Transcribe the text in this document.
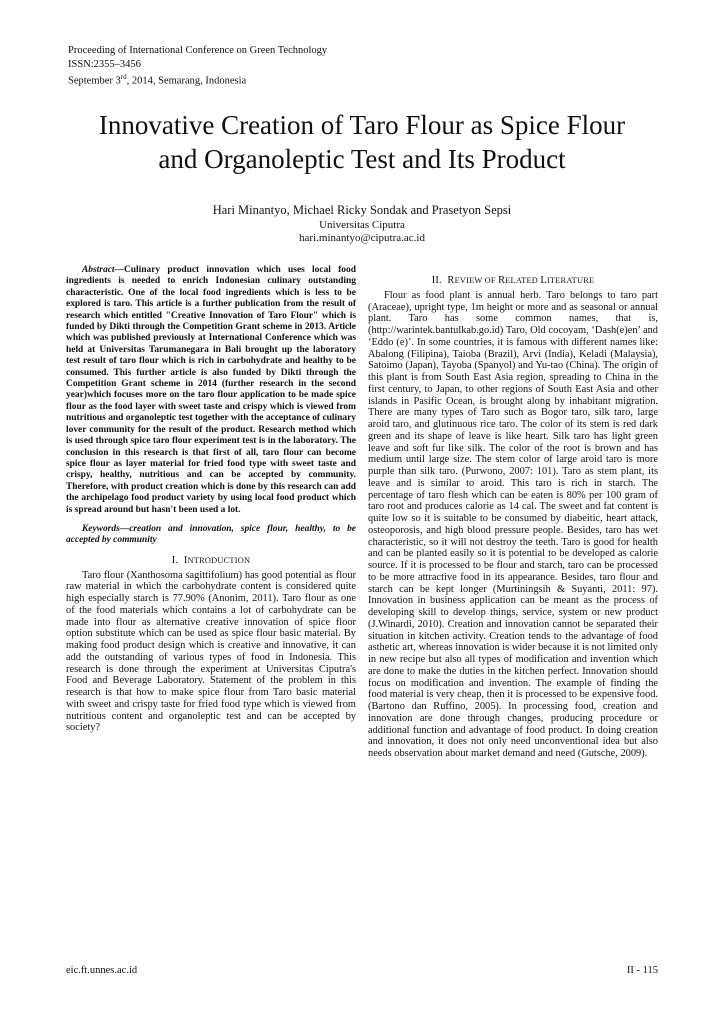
Proceeding of International Conference on Green Technology
ISSN:2355–3456
September 3rd, 2014, Semarang, Indonesia
Innovative Creation of Taro Flour as Spice Flour
and Organoleptic Test and Its Product
Hari Minantyo, Michael Ricky Sondak and Prasetyon Sepsi
Universitas Ciputra
hari.minantyo@ciputra.ac.id

Abstract—Culinary product innovation which uses local food ingredients is needed to enrich Indonesian culinary outstanding characteristic. One of the local food ingredients which is less to be explored is taro. This article is a further publication from the result of research which entitled "Creative Innovation of Taro Flour" which is funded by Dikti through the Competition Grant scheme in 2013. Article which was published previously at International Conference which was held at Universitas Tarumanegara in Bali brought up the laboratory test result of taro flour which is rich in carbohydrate and healthy to be consumed. This further article is also funded by Dikti through the Competition Grant scheme in 2014 (further research in the second year)which focuses more on the taro flour application to be made spice flour as the food layer with sweet taste and crispy which is viewed from nutritious and organoleptic test together with the acceptance of culinary lover community for the result of the product. Research method which is used through spice taro flour experiment test is in the laboratory. The conclusion in this research is that first of all, taro flour can become spice flour as layer material for fried food type with sweet taste and crispy, healthy, nutritious and can be accepted by community. Therefore, with product creation which is done by this research can add the archipelago food product variety by using local food product which is spread around but hasn't been used a lot.

Keywords—creation and innovation, spice flour, healthy, to be accepted by community

I. INTRODUCTION

Taro flour (Xanthosoma sagittifolium) has good potential as flour raw material in which the carbohydrate content is considered quite high especially starch is 77.90% (Anonim, 2011). Taro flour as one of the food materials which contains a lot of carbohydrate can be made into flour as alternative creative innovation of spice floor option substitute which can be used as spice flour basic material. By making food product design which is creative and innovative, it can add the outstanding of various types of food in Indonesia. This research is done through the experiment at Universitas Ciputra's Food and Beverage Laboratory. Statement of the problem in this research is that how to make spice flour from Taro basic material with sweet and crispy taste for fried food type which is viewed from nutritious content and organoleptic test and can be accepted by society?

II. REVIEW OF RELATED LITERATURE

Flour as food plant is annual herb. Taro belongs to taro part (Araceae), upright type, 1m height or more and as seasonal or annual plant. Taro has some common names, that is, (http://warintek.bantulkab.go.id) Taro, Old cocoyam, ‘Dash(e)en’ and ‘Eddo (e)’. In some countries, it is famous with different names like: Abalong (Filipina), Taioba (Brazil), Arvi (India), Keladi (Malaysia), Satoimo (Japan), Tayoba (Spanyol) and Yu-tao (China). The origin of this plant is from South East Asia region, spreading to China in the first century, to Japan, to other regions of South East Asia and other islands in Pasific Ocean, is brought along by inhabitant migration. There are many types of Taro such as Bogor taro, silk taro, large aroid taro, and glutinuous rice taro. The color of its stem is red dark green and its shape of leave is like heart. Silk taro has light green leave and soft fur like silk. The color of the root is brown and has medium until large size. The stem color of large aroid taro is more purple than silk taro. (Purwono, 2007: 101). Taro as stem plant, its leave and is similar to aroid. This taro is rich in starch. The percentage of taro flesh which can be eaten is 80% per 100 gram of taro root and produces calorie as 14 cal. The sweet and fat content is quite low so it is suitable to be consumed by diabeitic, heart attack, osteoporosis, and high blood pressure people. Besides, taro has wet characteristic, so it will not destroy the teeth. Taro is good for health and can be planted easily so it is potential to be developed as calorie source. If it is processed to be flour and starch, taro can be processed to be more attractive food in its appearance. Besides, taro flour and starch can be kept longer (Murtiningsih & Suyanti, 2011: 97). Innovation in business application can be meant as the process of developing skill to develop things, service, system or new product (J.Winardi, 2010). Creation and innovation cannot be separated their situation in kitchen activity. Creation tends to the advantage of food asthetic art, whereas innovation is wider because it is not limited only in new recipe but also all types of modification and invention which are done to make the duties in the kitchen perfect. Innovation should focus on modification and invention. The example of finding the food material is very cheap, then it is processed to be expensive food. (Bartono dan Ruffino, 2005). In processing food, creation and innovation are done through changes, producing procedure or additional function and advantage of food product. In doing creation and innovation, it does not only need unconventional idea but also needs observation about market demand and need (Gutsche, 2009).

eic.ft.unnes.ac.id	II - 115
